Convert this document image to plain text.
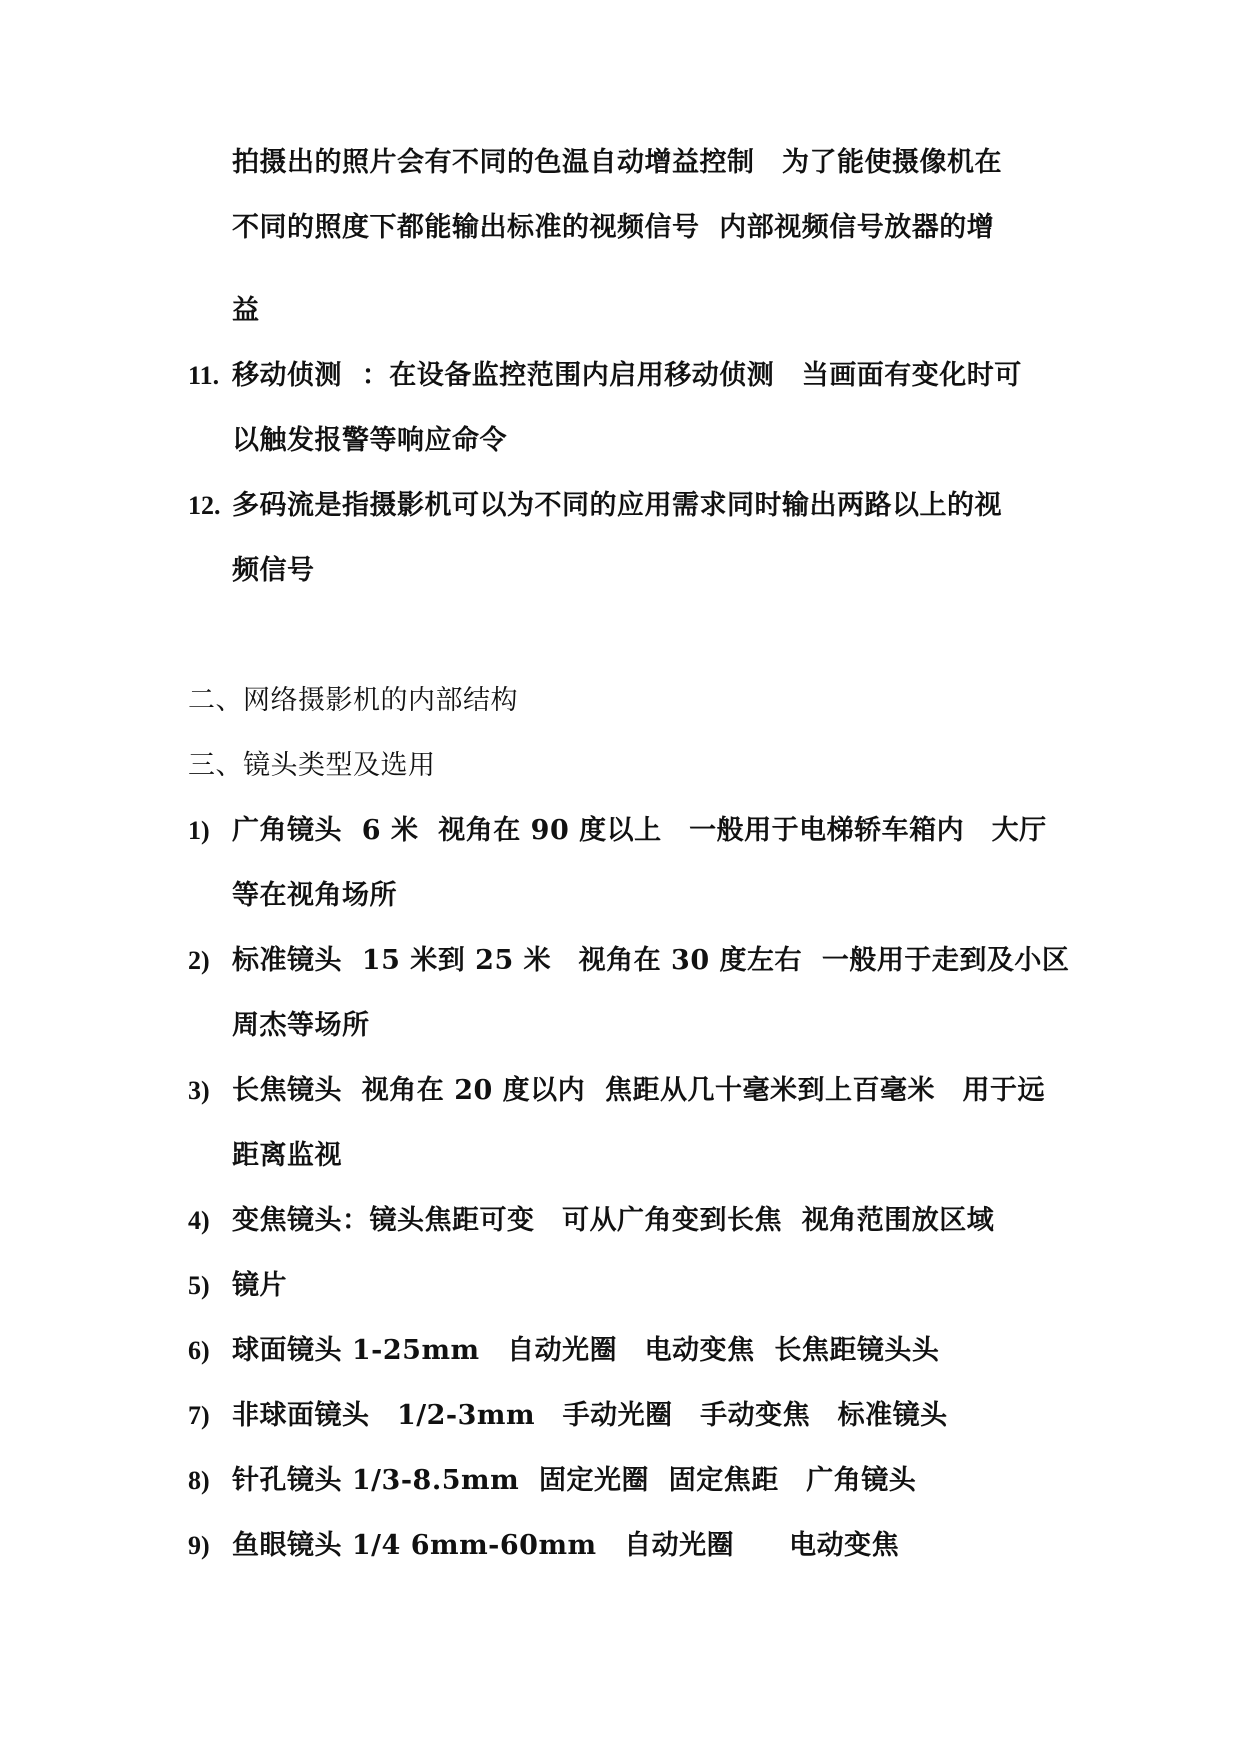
拍摄出的照片会有不同的色温自动增益控制　为了能使摄像机在
不同的照度下都能输出标准的视频信号  内部视频信号放器的增
益
11. 移动侦测  ：在设备监控范围内启用移动侦测　当画面有变化时可
以触发报警等响应命令
12. 多码流是指摄影机可以为不同的应用需求同时输出两路以上的视
频信号
二、网络摄影机的内部结构
三、镜头类型及选用
1) 广角镜头  6 米  视角在 90 度以上　一般用于电梯轿车箱内　大厅
等在视角场所
2) 标准镜头  15 米到 25 米　视角在 30 度左右  一般用于走到及小区
周杰等场所
3) 长焦镜头  视角在 20 度以内  焦距从几十毫米到上百毫米　用于远
距离监视
4) 变焦镜头：镜头焦距可变　可从广角变到长焦  视角范围放区域
5) 镜片
6) 球面镜头 1-25mm　自动光圈　电动变焦  长焦距镜头头
7) 非球面镜头　1/2-3mm　手动光圈　手动变焦　标准镜头
8) 针孔镜头 1/3-8.5mm  固定光圈  固定焦距　广角镜头
9) 鱼眼镜头 1/4 6mm-60mm　自动光圈　　电动变焦
